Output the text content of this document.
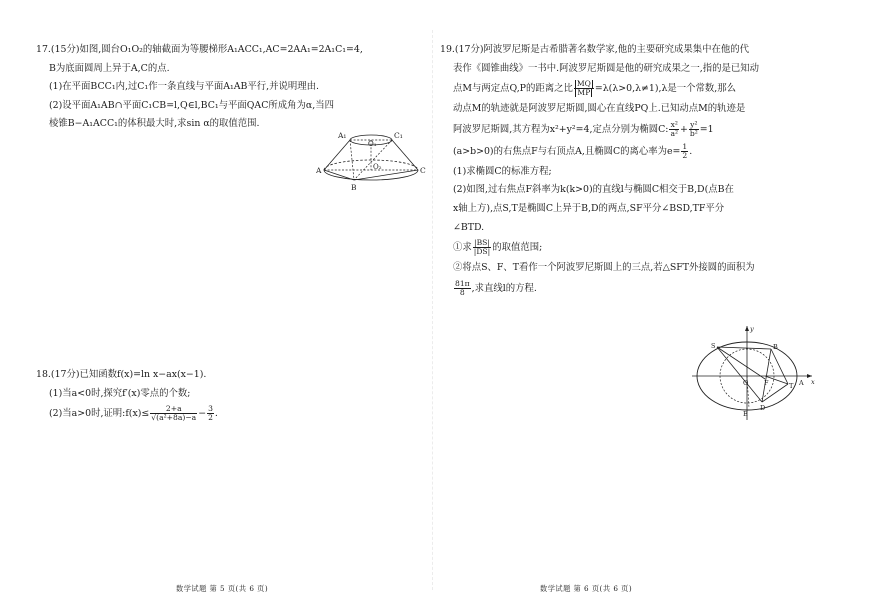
17.(15分)如图,圆台O₁O₂的轴截面为等腰梯形A₁ACC₁,AC=2AA₁=2A₁C₁=4,
B为底面圆周上异于A,C的点.
(1)在平面BCC₁内,过C₁作一条直线与平面A₁AB平行,并说明理由.
(2)设平面A₁AB∩平面C₁CB=l,Q∈l,BC₁与平面QAC所成角为α,当四
棱锥B−A₁ACC₁的体积最大时,求sin α的取值范围.
A₁	C₁
O₁
O₂
A	C
B
18.(17分)已知函数f(x)=ln x−ax(x−1).
(1)当a<0时,探究f′(x)零点的个数;
(2)当a>0时,证明:f(x)≤ $\frac{2+a}{\text{√(a²+8a)−a}} - \frac{3}{2}$ .
数学试题 第 5 页(共 6 页)
19.(17分)阿波罗尼斯是古希腊著名数学家,他的主要研究成果集中在他的代
表作《圆锥曲线》一书中.阿波罗尼斯圆是他的研究成果之一,指的是已知动
点M与两定点Q,P的距离之比 $\frac{MQ}{MP} =\lambda(\lambda>0,\lambda\ne 1),\lambda$是一个常数,那么
动点M的轨迹就是阿波罗尼斯圆,圆心在直线PQ上.已知动点M的轨迹是
阿波罗尼斯圆,其方程为x²+y²=4,定点分别为椭圆C: $\frac{\text{x²}}{\text{a²}} + \frac{\text{y²}}{\text{b²}} =1$
(a>b>0)的右焦点F与右顶点A,且椭圆C的离心率为$e= \frac{1}{2}$ .
(1)求椭圆C的标准方程;
(2)如图,过右焦点F斜率为k(k>0)的直线l与椭圆C相交于B,D(点B在
x轴上方),点S,T是椭圆C上异于B,D的两点,SF平分∠BSD,TF平分
∠BTD.
①求 $\frac{|BS|}{|DS|}$ 的取值范围;
②将点S、F、T看作一个阿波罗尼斯圆上的三点,若△SFT外接圆的面积为
$\frac{81\pi}{8}$ ,求直线l的方程.
y
x
O
S	B
F	A
T
D
E
数学试题 第 6 页(共 6 页)
